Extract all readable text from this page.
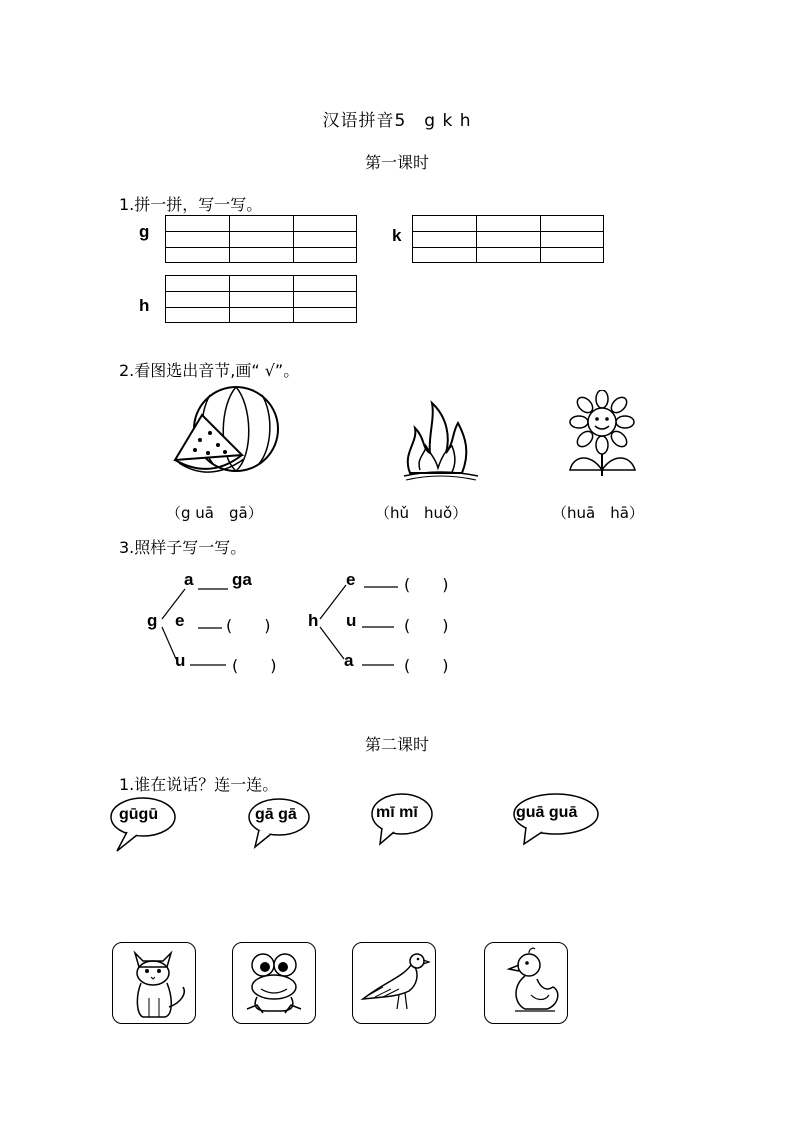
汉语拼音5　g k h
第一课时
1.拼一拼，写一写。
g	k
h
2.看图选出音节,画“ √”。
（g uā　gā）	（hǔ　huǒ）	（huā　hā）
3.照样子写一写。
a ga
g e	(　　)
u	(　　)
e	(　　)
h u	(　　)
a	(　　)
第二课时
1.谁在说话？连一连。
gūgū	gā gā	mī mī	guā guā
